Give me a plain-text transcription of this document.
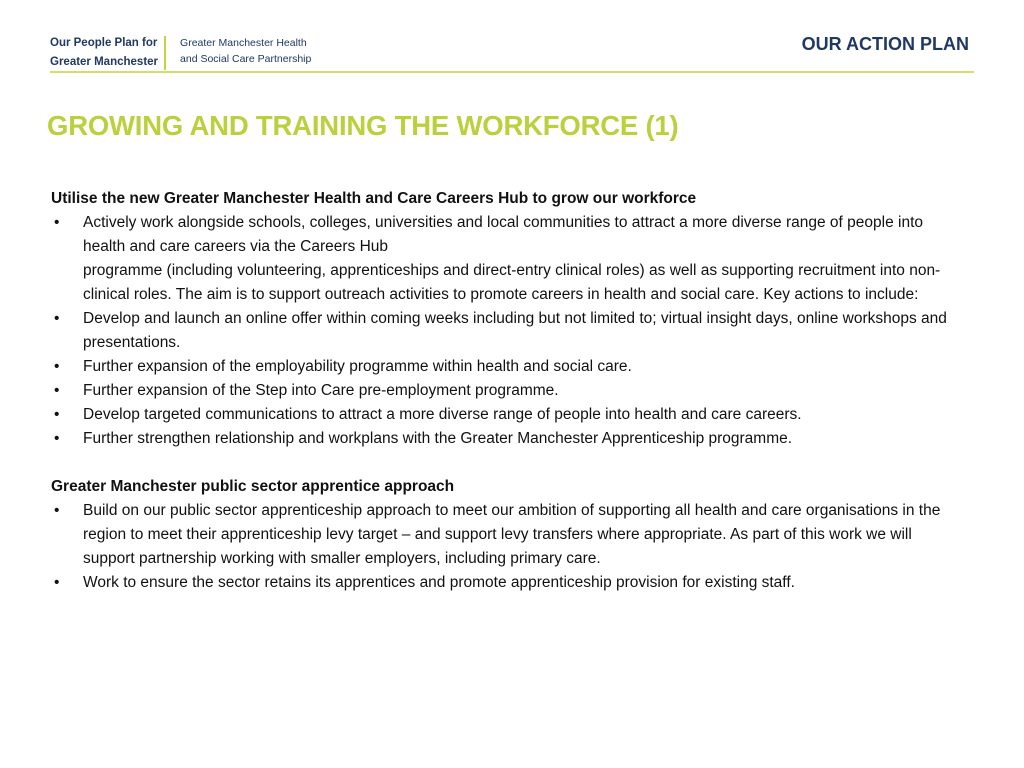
Our People Plan for
Greater Manchester
Greater Manchester Health
and Social Care Partnership
OUR ACTION PLAN
GROWING AND TRAINING THE WORKFORCE (1)
Utilise the new Greater Manchester Health and Care Careers Hub to grow our workforce
• Actively work alongside schools, colleges, universities and local communities to attract a more diverse range of people into health and care careers via the Careers Hub
programme (including volunteering, apprenticeships and direct-entry clinical roles) as well as supporting recruitment into non-clinical roles. The aim is to support outreach activities to promote careers in health and social care. Key actions to include:
• Develop and launch an online offer within coming weeks including but not limited to; virtual insight days, online workshops and presentations.
• Further expansion of the employability programme within health and social care.
• Further expansion of the Step into Care pre-employment programme.
• Develop targeted communications to attract a more diverse range of people into health and care careers.
• Further strengthen relationship and workplans with the Greater Manchester Apprenticeship programme.
Greater Manchester public sector apprentice approach
• Build on our public sector apprenticeship approach to meet our ambition of supporting all health and care organisations in the region to meet their apprenticeship levy target – and support levy transfers where appropriate. As part of this work we will support partnership working with smaller employers, including primary care.
• Work to ensure the sector retains its apprentices and promote apprenticeship provision for existing staff.
